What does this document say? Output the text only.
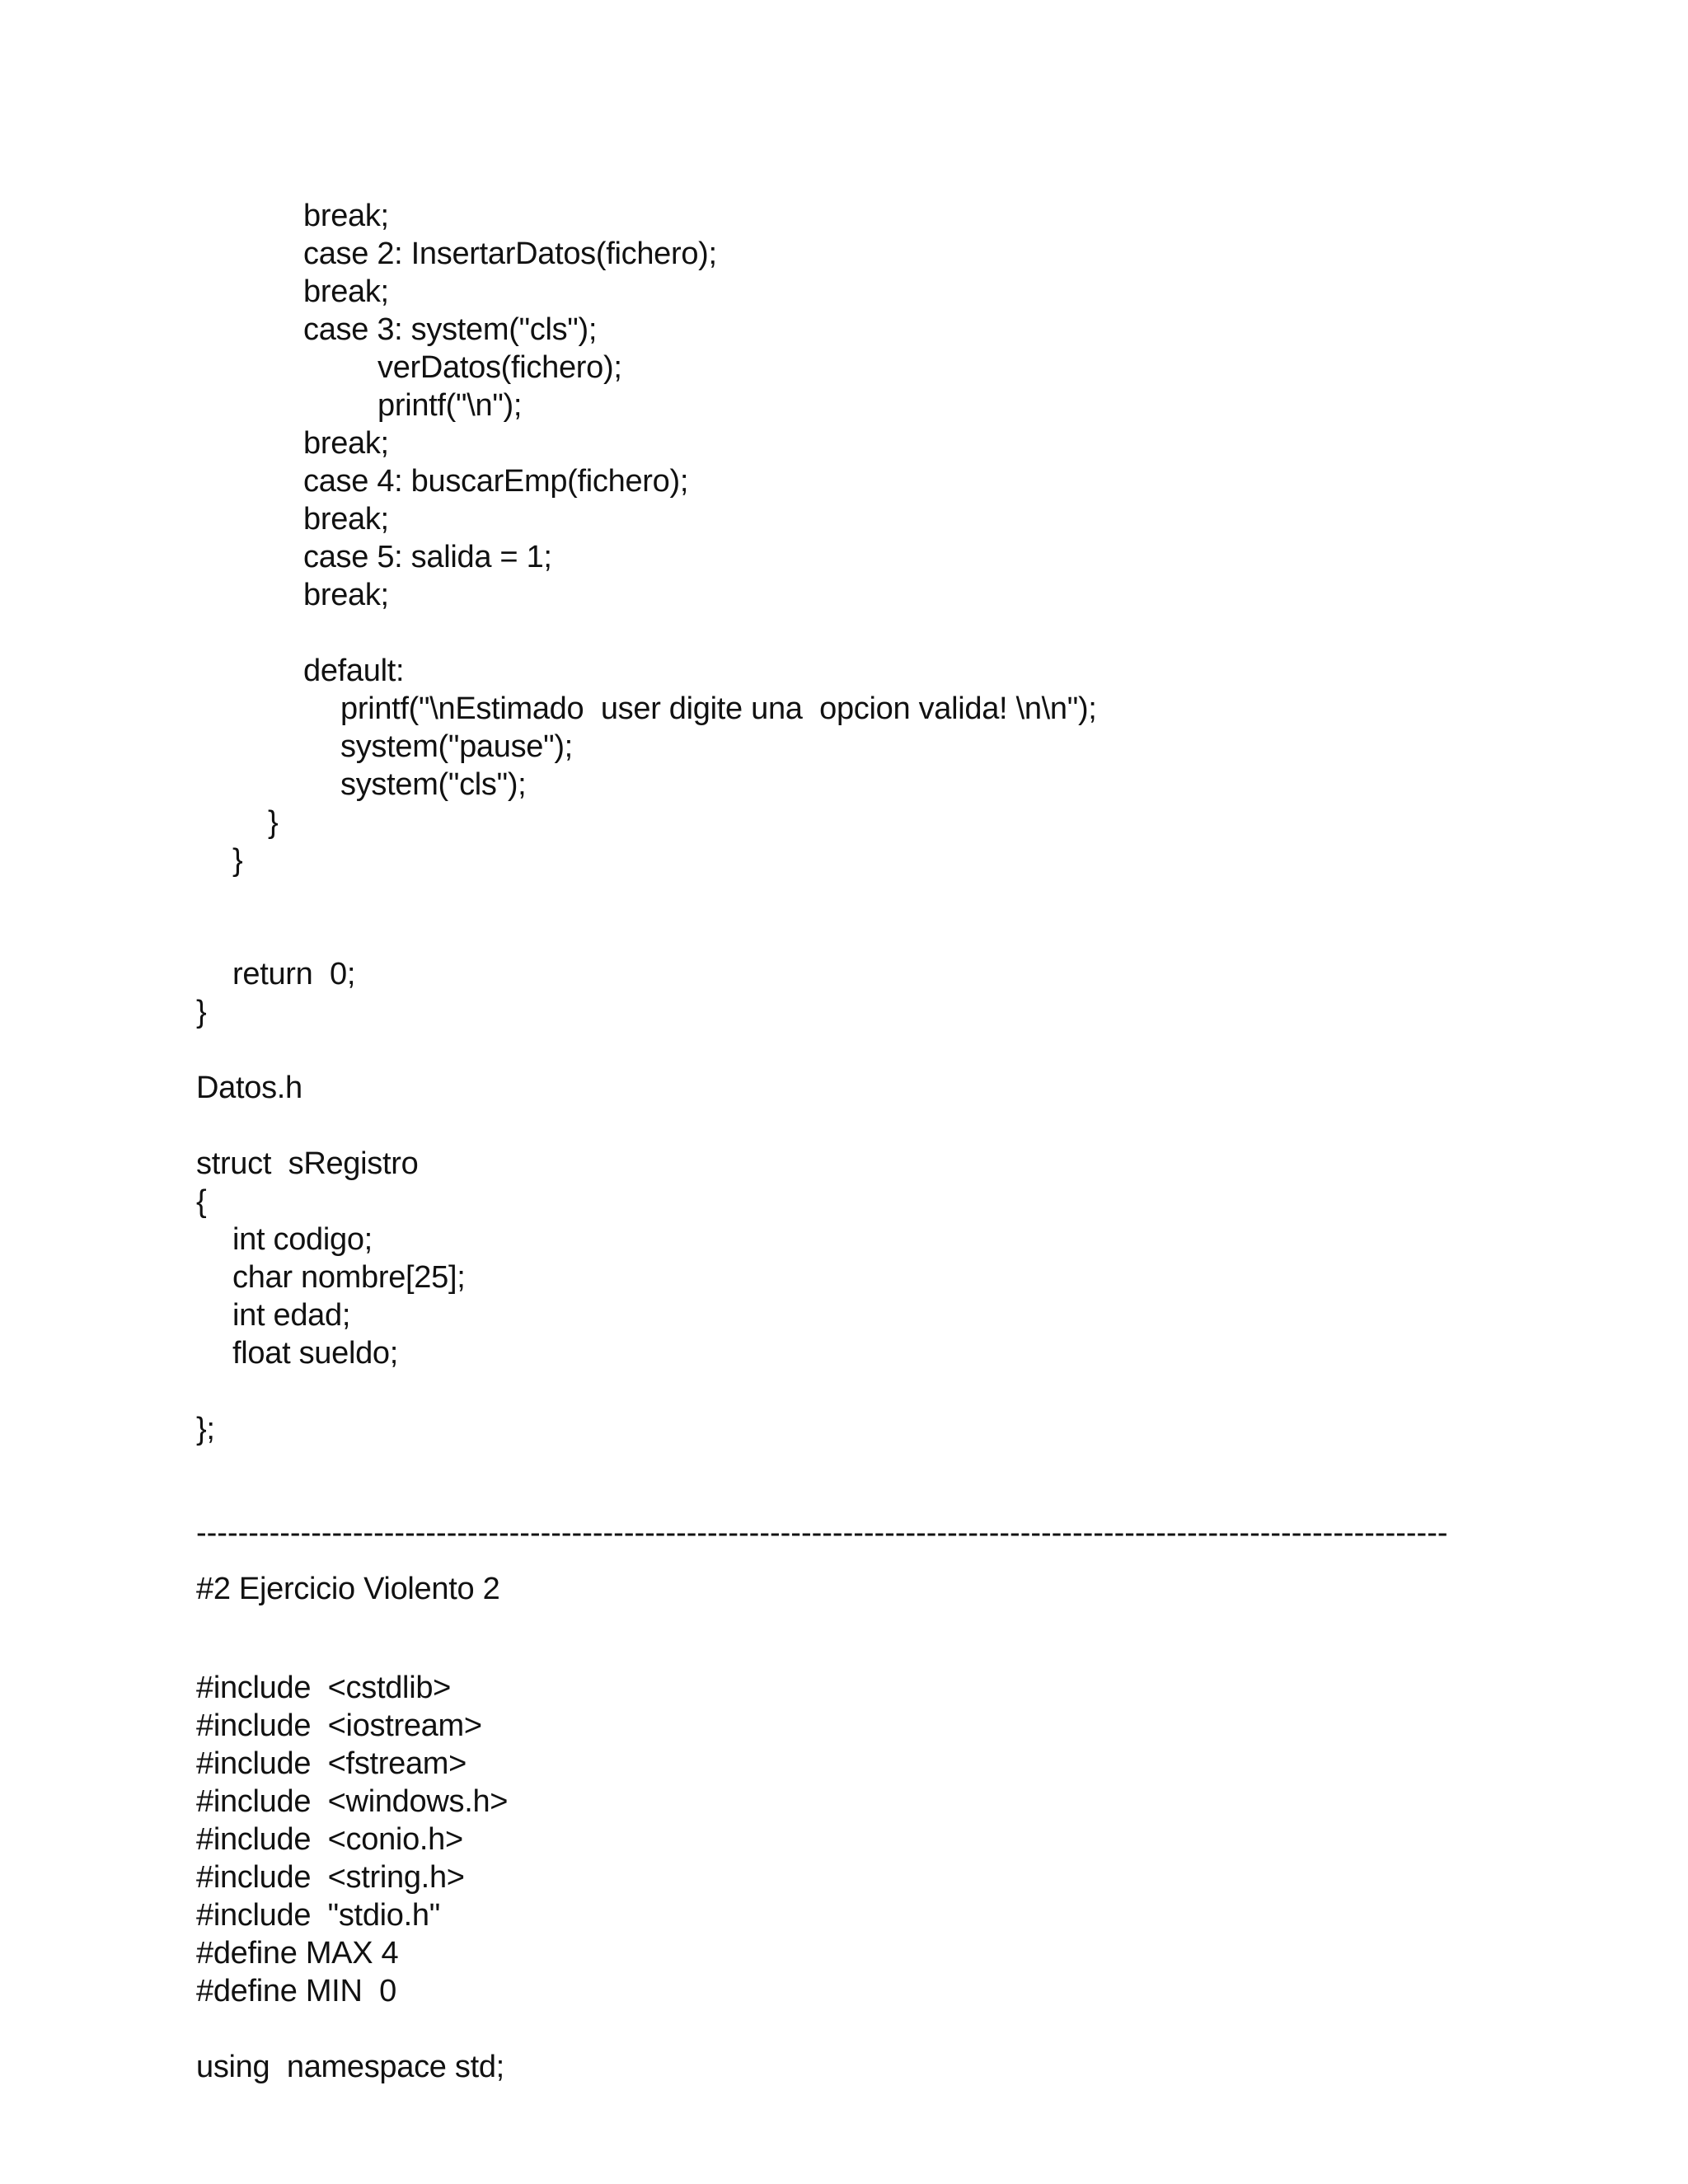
break;
case 2: InsertarDatos(fichero);
break;
case 3: system("cls");
verDatos(fichero);
printf("\n");
break;
case 4: buscarEmp(fichero);
break;
case 5: salida = 1;
break;
default:
printf("\nEstimado  user digite una  opcion valida! \n\n");
system("pause");
system("cls");
}
}
return  0;
}
Datos.h
struct  sRegistro
{
int codigo;
char nombre[25];
int edad;
float sueldo;
};
------------------------------------------------------------------------------------------------------------------------
#2 Ejercicio Violento 2
#include  <cstdlib>
#include  <iostream>
#include  <fstream>
#include  <windows.h>
#include  <conio.h>
#include  <string.h>
#include  "stdio.h"
#define MAX 4
#define MIN  0
using  namespace std;
